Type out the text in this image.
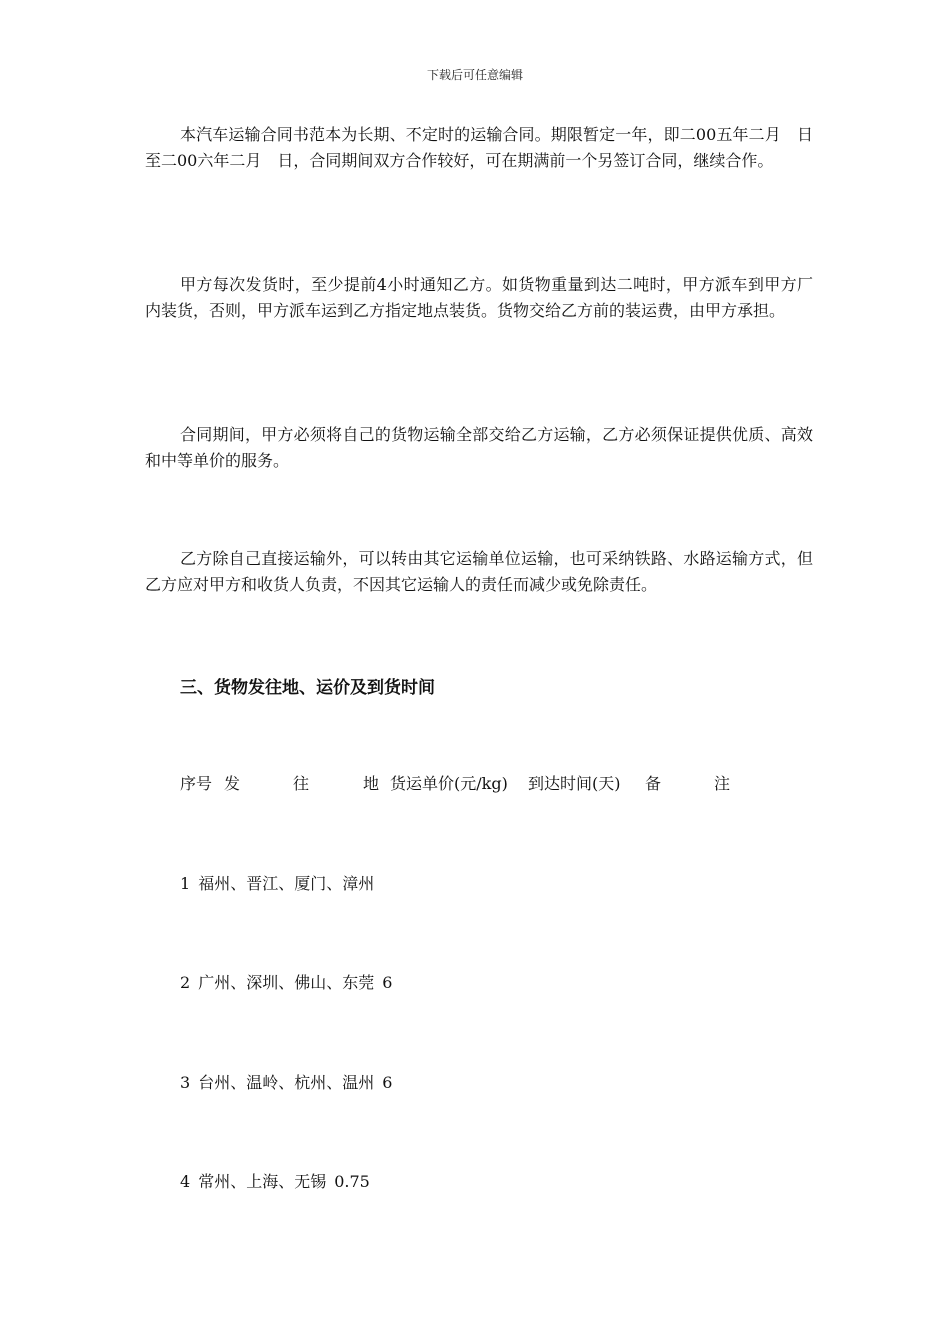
下载后可任意编辑

本汽车运输合同书范本为长期、不定时的运输合同。期限暂定一年，即二00五年二月　日至二00六年二月　日，合同期间双方合作较好，可在期满前一个另签订合同，继续合作。

甲方每次发货时，至少提前4小时通知乙方。如货物重量到达二吨时，甲方派车到甲方厂内装货，否则，甲方派车运到乙方指定地点装货。货物交给乙方前的装运费，由甲方承担。

合同期间，甲方必须将自己的货物运输全部交给乙方运输，乙方必须保证提供优质、高效和中等单价的服务。

乙方除自己直接运输外，可以转由其它运输单位运输，也可采纳铁路、水路运输方式，但乙方应对甲方和收货人负责，不因其它运输人的责任而减少或免除责任。

三、货物发往地、运价及到货时间
序号 发	往	地 货运单价(元/kg) 到达时间(天) 备	注
1 福州、晋江、厦门、漳州
2 广州、深圳、佛山、东莞 6
3 台州、温岭、杭州、温州 6
4 常州、上海、无锡 0.75
